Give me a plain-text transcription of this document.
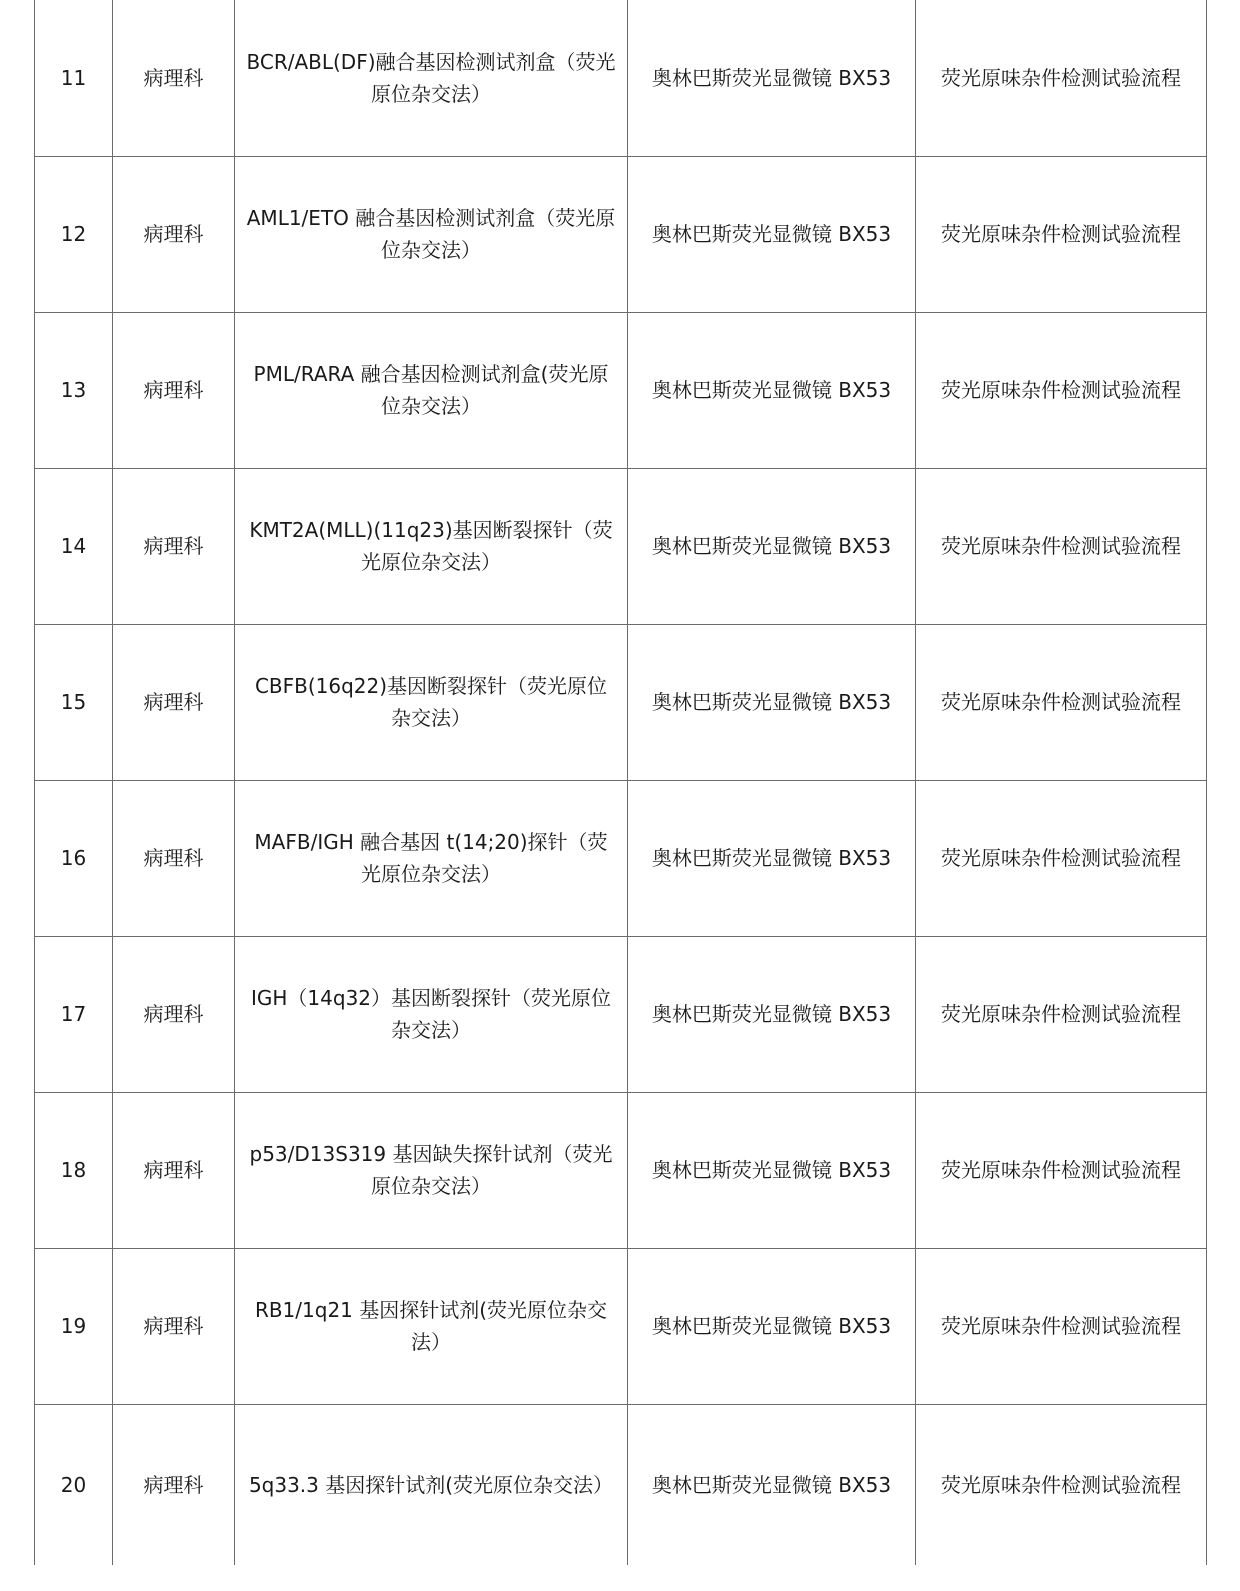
11	病理科	BCR/ABL(DF)融合基因检测试剂盒（荧光原位杂交法）	奥林巴斯荧光显微镜 BX53	荧光原味杂件检测试验流程
12	病理科	AML1/ETO 融合基因检测试剂盒（荧光原位杂交法）	奥林巴斯荧光显微镜 BX53	荧光原味杂件检测试验流程
13	病理科	PML/RARA 融合基因检测试剂盒(荧光原位杂交法）	奥林巴斯荧光显微镜 BX53	荧光原味杂件检测试验流程
14	病理科	KMT2A(MLL)(11q23)基因断裂探针（荧光原位杂交法）	奥林巴斯荧光显微镜 BX53	荧光原味杂件检测试验流程
15	病理科	CBFB(16q22)基因断裂探针（荧光原位杂交法）	奥林巴斯荧光显微镜 BX53	荧光原味杂件检测试验流程
16	病理科	MAFB/IGH 融合基因 t(14;20)探针（荧光原位杂交法）	奥林巴斯荧光显微镜 BX53	荧光原味杂件检测试验流程
17	病理科	IGH（14q32）基因断裂探针（荧光原位杂交法）	奥林巴斯荧光显微镜 BX53	荧光原味杂件检测试验流程
18	病理科	p53/D13S319 基因缺失探针试剂（荧光原位杂交法）	奥林巴斯荧光显微镜 BX53	荧光原味杂件检测试验流程
19	病理科	RB1/1q21 基因探针试剂(荧光原位杂交法）	奥林巴斯荧光显微镜 BX53	荧光原味杂件检测试验流程
20	病理科	5q33.3 基因探针试剂(荧光原位杂交法）	奥林巴斯荧光显微镜 BX53	荧光原味杂件检测试验流程
